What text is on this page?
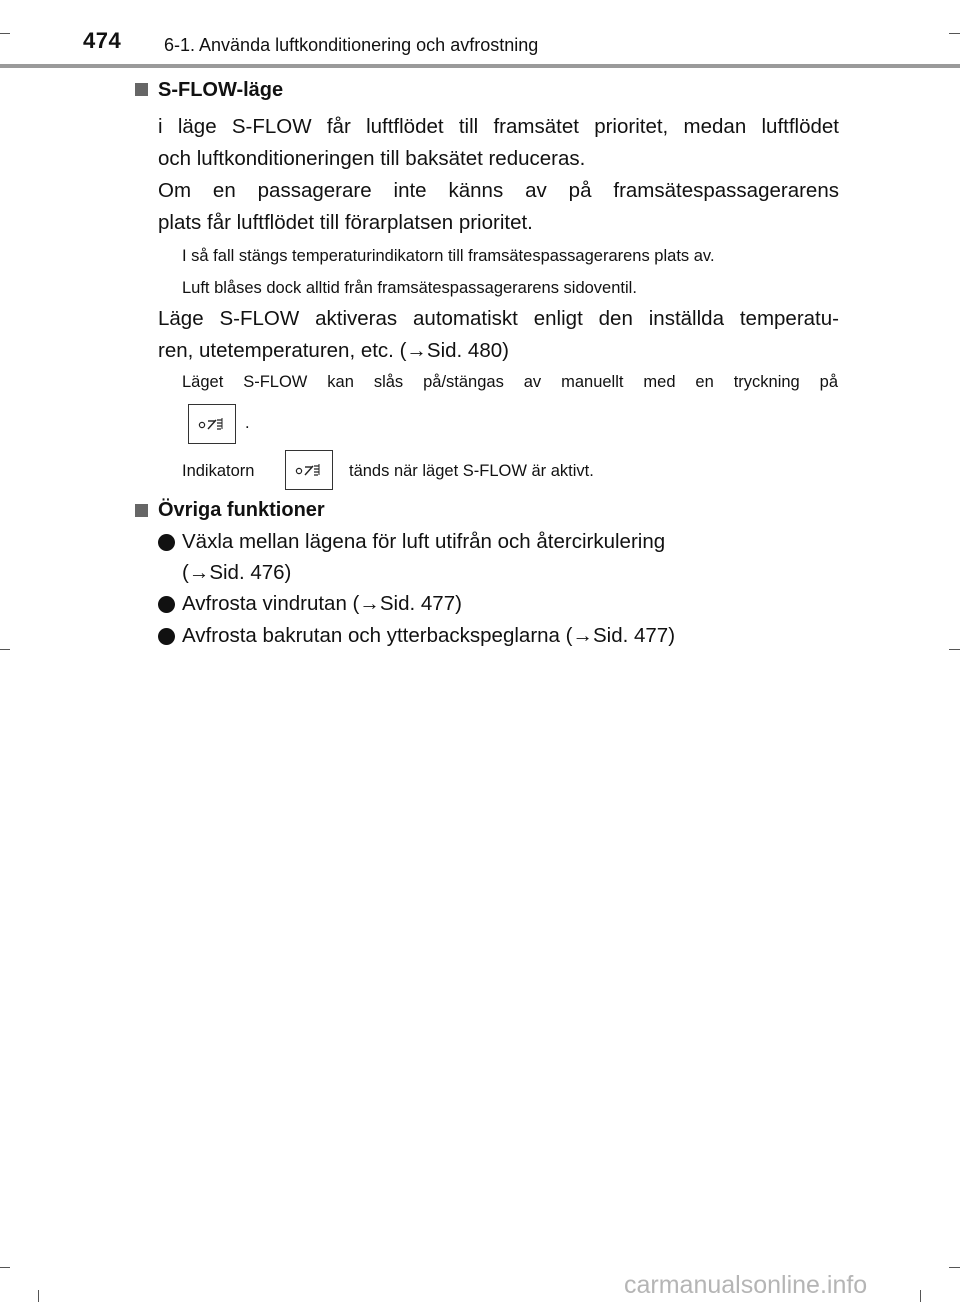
474 6-1. Använda luftkonditionering och avfrostning
S-FLOW-läge
i läge S-FLOW får luftflödet till framsätet prioritet, medan luftflödet
och luftkonditioneringen till baksätet reduceras.
Om en passagerare inte känns av på framsätespassagerarens
plats får luftflödet till förarplatsen prioritet.
I så fall stängs temperaturindikatorn till framsätespassagerarens plats av.
Luft blåses dock alltid från framsätespassagerarens sidoventil.
Läge S-FLOW aktiveras automatiskt enligt den inställda temperatu-
ren, utetemperaturen, etc. (→Sid. 480)
Läget S-FLOW kan slås på/stängas av manuellt med en tryckning på
.
Indikatorn	tänds när läget S-FLOW är aktivt.
Övriga funktioner
Växla mellan lägena för luft utifrån och återcirkulering
(→Sid. 476)
Avfrosta vindrutan (→Sid. 477)
Avfrosta bakrutan och ytterbackspeglarna (→Sid. 477)
carmanualsonline.info
